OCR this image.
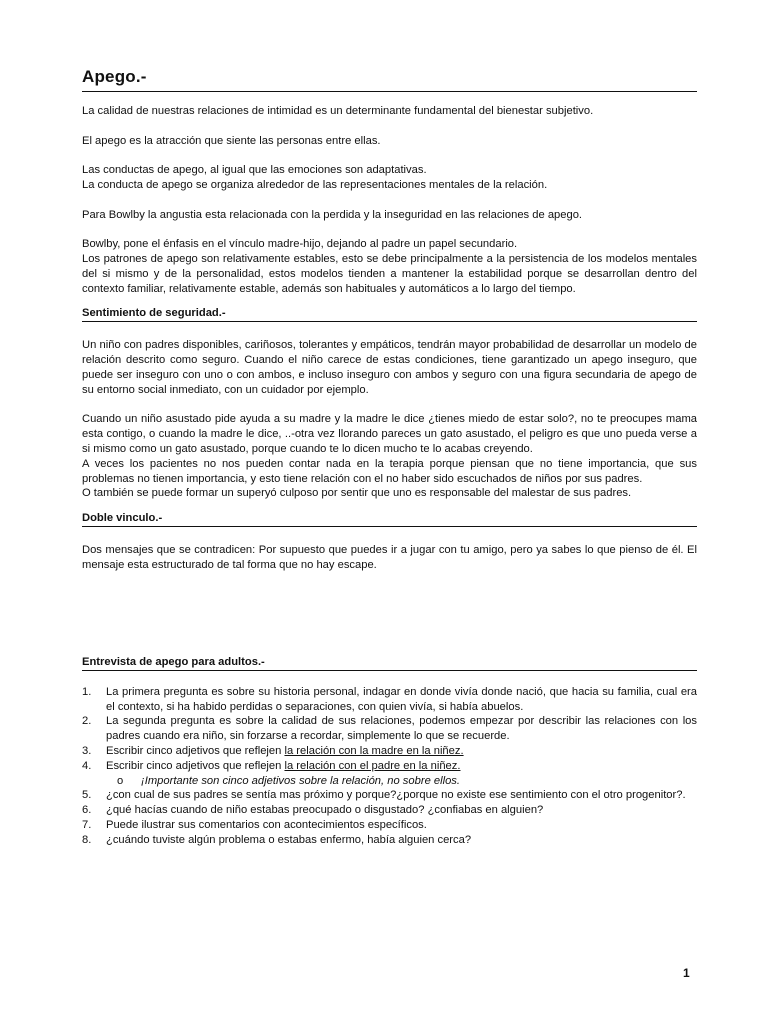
Apego.-

La calidad de nuestras relaciones de intimidad es un determinante fundamental del bienestar subjetivo.

El apego es la atracción que siente las personas entre ellas.

Las conductas de apego, al igual que las emociones son adaptativas.

La conducta de apego se organiza alrededor de las representaciones mentales de la relación.

Para Bowlby la angustia esta relacionada con la perdida y la inseguridad en las relaciones de apego.

Bowlby, pone el énfasis en el vínculo madre-hijo, dejando al padre un papel secundario.

Los patrones de apego son relativamente estables, esto se debe principalmente a la persistencia de los modelos mentales del si mismo y de la personalidad, estos modelos tienden a mantener la estabilidad porque se desarrollan dentro del contexto familiar, relativamente estable, además son habituales y automáticos a lo largo del tiempo.

Sentimiento de seguridad.-

Un niño con padres disponibles, cariñosos, tolerantes y empáticos, tendrán mayor probabilidad de desarrollar un modelo de relación descrito como seguro. Cuando el niño carece de estas condiciones, tiene garantizado un apego inseguro, que puede ser inseguro con uno o con ambos, e incluso inseguro con ambos y seguro con una figura secundaria de apego de su entorno social inmediato, con un cuidador por ejemplo.

Cuando un niño asustado pide ayuda a su madre y la madre le dice ¿tienes miedo de estar solo?, no te preocupes mama esta contigo, o cuando la madre le dice, ..-otra vez llorando pareces un gato asustado, el peligro es que uno pueda verse a si mismo como un gato asustado, porque cuando te lo dicen mucho te lo acabas creyendo.

A veces los pacientes no nos pueden contar nada en la terapia porque piensan que no tiene importancia, que sus problemas no tienen importancia, y esto tiene relación con el no haber sido escuchados de niños por sus padres.

O también se puede formar un superyó culposo por sentir que uno es responsable del malestar de sus padres.

Doble vinculo.-

Dos mensajes que se contradicen: Por supuesto que puedes ir a jugar con tu amigo, pero ya sabes lo que pienso de él. El mensaje esta estructurado de tal forma que no hay escape.

Entrevista de apego para adultos.-
1. La primera pregunta es sobre su historia personal, indagar en donde vivía donde nació, que hacia su familia, cual era el contexto, si ha habido perdidas o separaciones, con quien vivía, si había abuelos.
2. La segunda pregunta es sobre la calidad de sus relaciones, podemos empezar por describir las relaciones con los padres cuando era niño, sin forzarse a recordar, simplemente lo que se recuerde.
3. Escribir cinco adjetivos que reflejen la relación con la madre en la niñez.
4. Escribir cinco adjetivos que reflejen la relación con el padre en la niñez.
o ¡Importante son cinco adjetivos sobre la relación, no sobre ellos.
5. ¿con cual de sus padres se sentía mas próximo y porque?¿porque no existe ese sentimiento con el otro progenitor?.
6. ¿qué hacías cuando de niño estabas preocupado o disgustado? ¿confiabas en alguien?
7. Puede ilustrar sus comentarios con acontecimientos específicos.
8. ¿cuándo tuviste algún problema o estabas enfermo, había alguien cerca?
1
